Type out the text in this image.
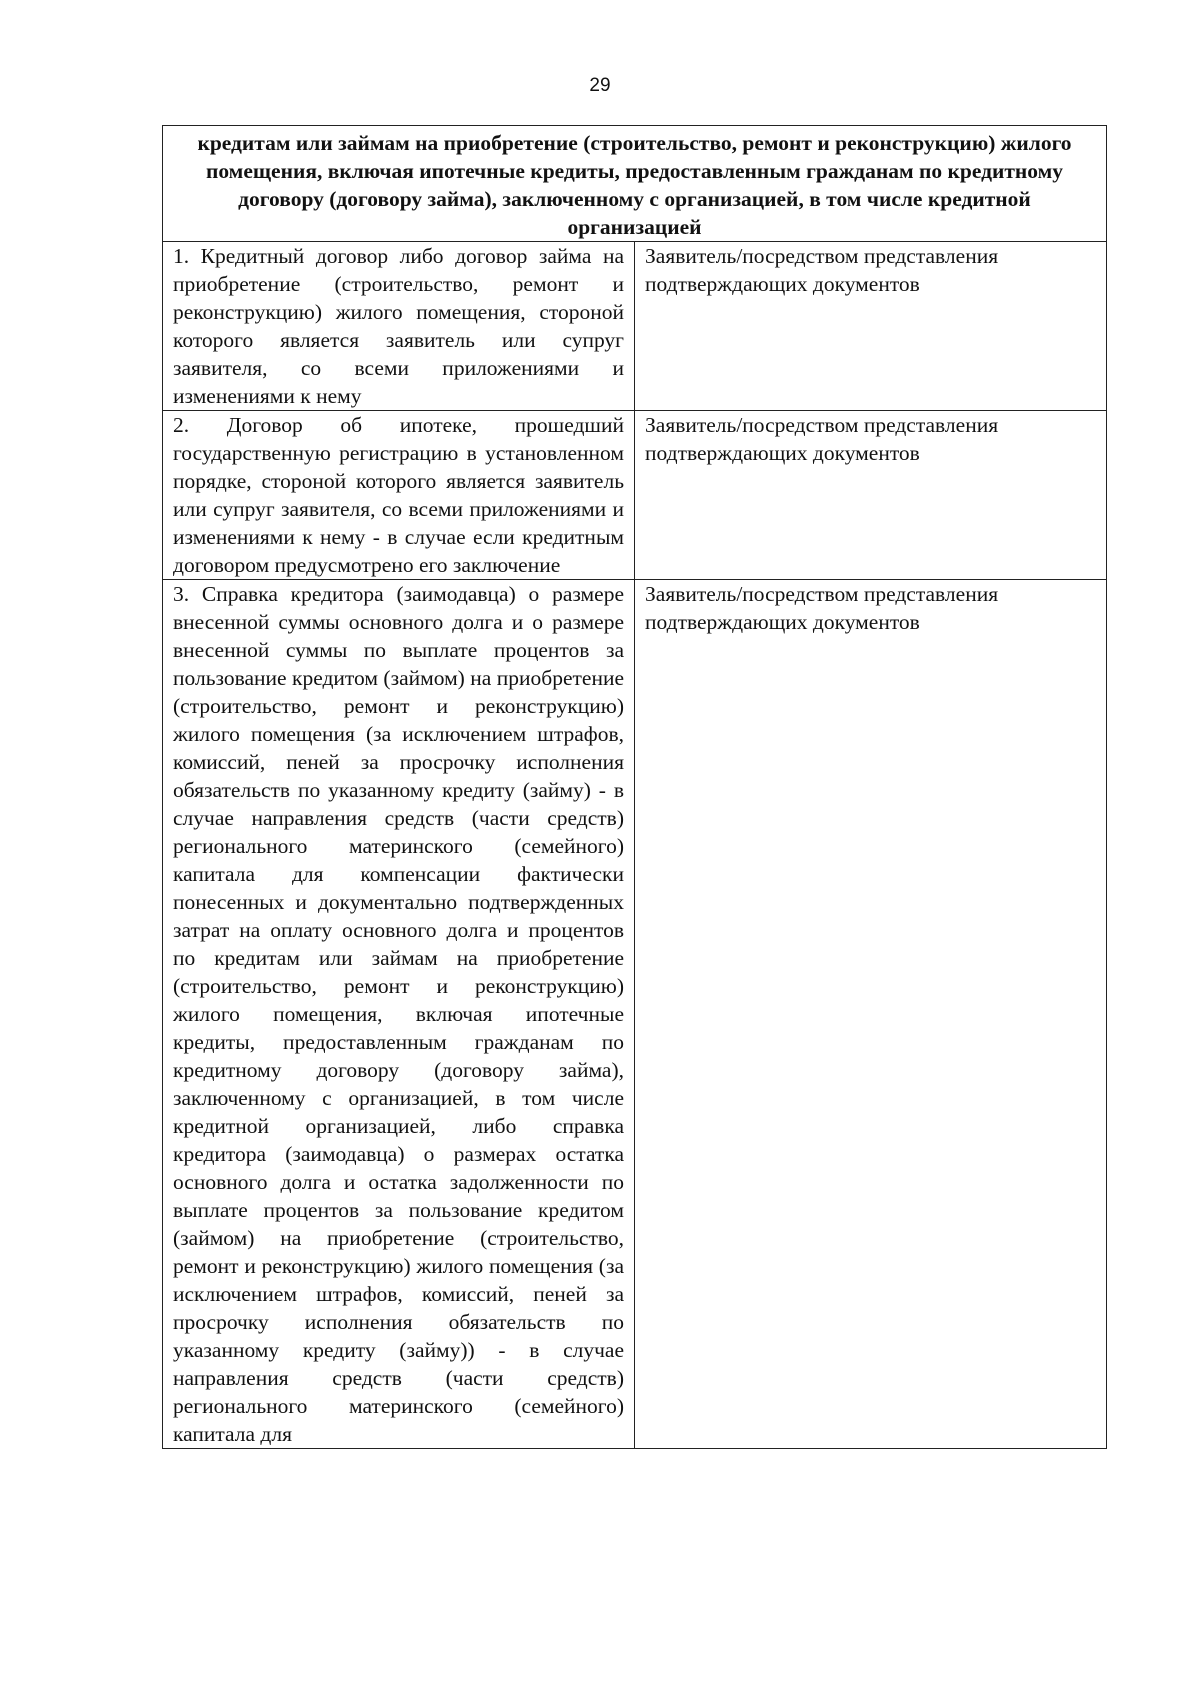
29
кредитам или займам на приобретение (строительство, ремонт и реконструкцию) жилого помещения, включая ипотечные кредиты, предоставленным гражданам по кредитному договору (договору займа), заключенному с организацией, в том числе кредитной организацией	
1. Кредитный договор либо договор займа на приобретение (строительство, ремонт и реконструкцию) жилого помещения, стороной которого является заявитель или супруг заявителя, со всеми приложениями и изменениями к нему	Заявитель/посредством представления подтверждающих документов
2. Договор об ипотеке, прошедший государственную регистрацию в установленном порядке, стороной которого является заявитель или супруг заявителя, со всеми приложениями и изменениями к нему - в случае если кредитным договором предусмотрено его заключение	Заявитель/посредством представления подтверждающих документов
3. Справка кредитора (заимодавца) о размере внесенной суммы основного долга и о размере внесенной суммы по выплате процентов за пользование кредитом (займом) на приобретение (строительство, ремонт и реконструкцию) жилого помещения (за исключением штрафов, комиссий, пеней за просрочку исполнения обязательств по указанному кредиту (займу) - в случае направления средств (части средств) регионального материнского (семейного) капитала для компенсации фактически понесенных и документально подтвержденных затрат на оплату основного долга и процентов по кредитам или займам на приобретение (строительство, ремонт и реконструкцию) жилого помещения, включая ипотечные кредиты, предоставленным гражданам по кредитному договору (договору займа), заключенному с организацией, в том числе кредитной организацией, либо справка кредитора (заимодавца) о размерах остатка основного долга и остатка задолженности по выплате процентов за пользование кредитом (займом) на приобретение (строительство, ремонт и реконструкцию) жилого помещения (за исключением штрафов, комиссий, пеней за просрочку исполнения обязательств по указанному кредиту (займу)) - в случае направления средств (части средств) регионального материнского (семейного) капитала для	Заявитель/посредством представления подтверждающих документов
